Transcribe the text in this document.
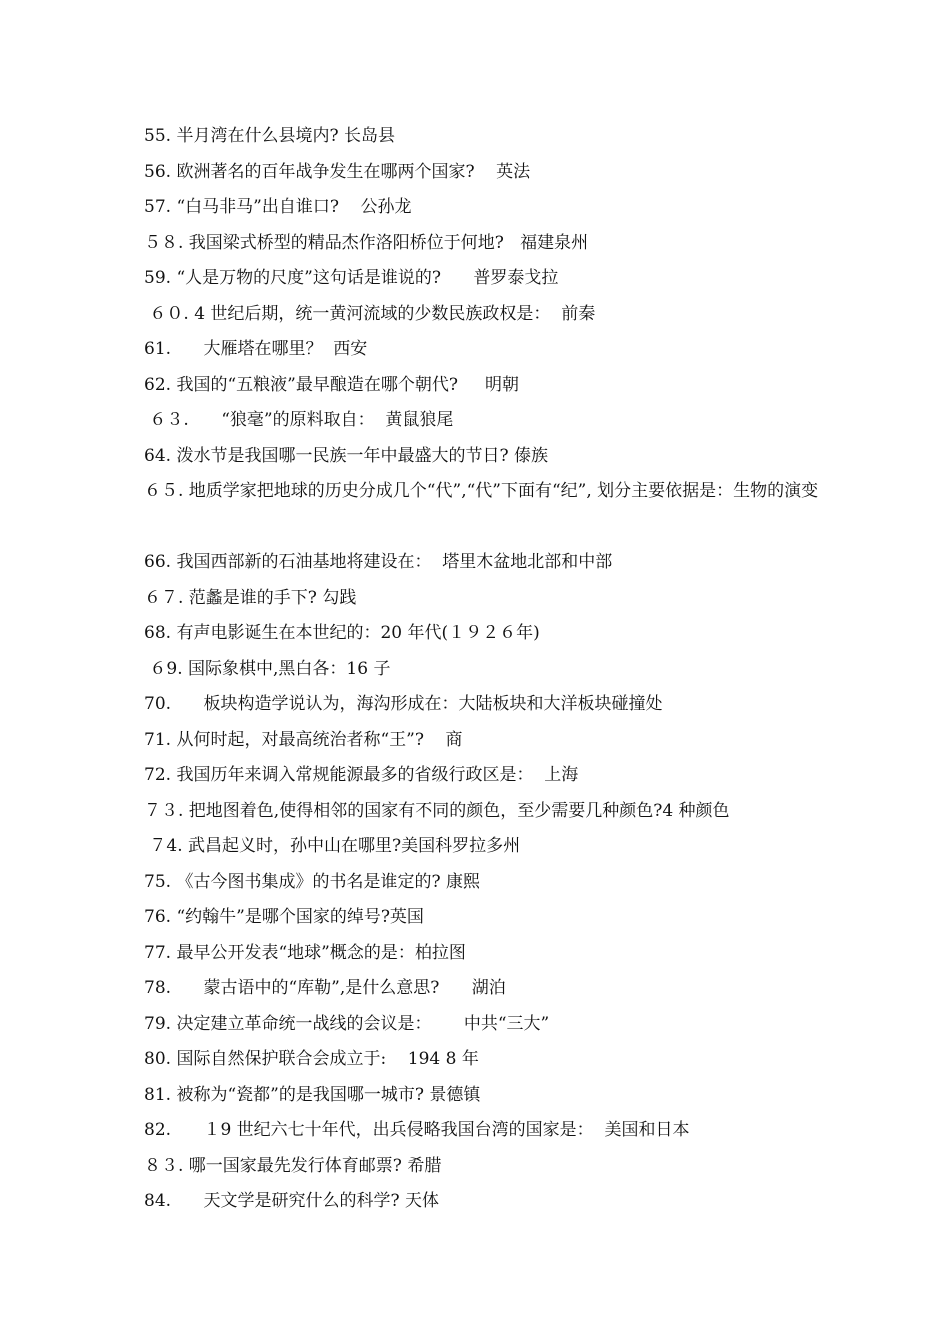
55. 半月湾在什么县境内? 长岛县
56. 欧洲著名的百年战争发生在哪两个国家?    英法
57. “白马非马”出自谁口?    公孙龙
５８. 我国梁式桥型的精品杰作洛阳桥位于何地?   福建泉州
59. “人是万物的尺度”这句话是谁说的?      普罗泰戈拉
６０. 4 世纪后期，统一黄河流域的少数民族政权是：  前秦
61.      大雁塔在哪里？  西安
62. 我国的“五粮液”最早酿造在哪个朝代?     明朝
６３.      “狼毫”的原料取自：  黄鼠狼尾
64. 泼水节是我国哪一民族一年中最盛大的节日? 傣族
６５. 地质学家把地球的历史分成几个“代”,“代”下面有“纪”, 划分主要依据是：生物的演变
66. 我国西部新的石油基地将建设在：  塔里木盆地北部和中部
６７. 范蠡是谁的手下? 勾践
68. 有声电影诞生在本世纪的：20 年代(１９２６年)
６9. 国际象棋中,黑白各：16 子
70.      板块构造学说认为，海沟形成在：大陆板块和大洋板块碰撞处
71. 从何时起，对最高统治者称“王”?    商
72. 我国历年来调入常规能源最多的省级行政区是：  上海
７３. 把地图着色,使得相邻的国家有不同的颜色，至少需要几种颜色?4 种颜色
７4. 武昌起义时，孙中山在哪里?美国科罗拉多州
75. 《古今图书集成》的书名是谁定的? 康熙
76. “约翰牛”是哪个国家的绰号?英国
77. 最早公开发表“地球”概念的是：柏拉图
78.      蒙古语中的“库勒”,是什么意思?      湖泊
79. 决定建立革命统一战线的会议是：      中共“三大”
80. 国际自然保护联合会成立于:    194 8 年
81. 被称为“瓷都”的是我国哪一城市? 景德镇
82.      １9 世纪六七十年代，出兵侵略我国台湾的国家是：  美国和日本
８３. 哪一国家最先发行体育邮票? 希腊
84.      天文学是研究什么的科学? 天体
